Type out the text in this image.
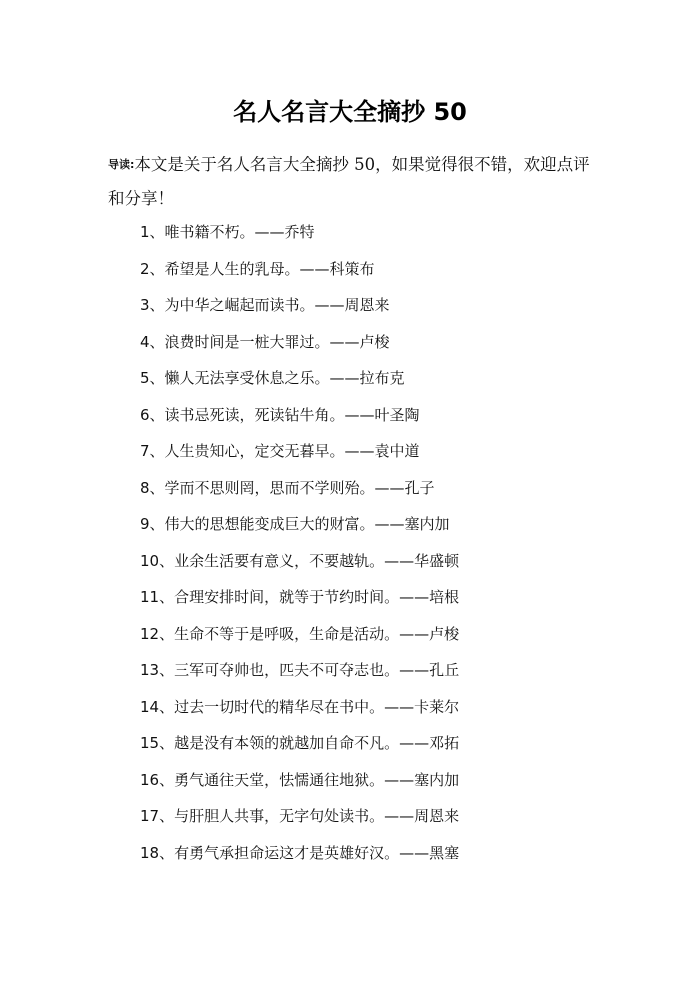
名人名言大全摘抄 50
导读:本文是关于名人名言大全摘抄 50，如果觉得很不错，欢迎点评和分享！
1、唯书籍不朽。——乔特
2、希望是人生的乳母。——科策布
3、为中华之崛起而读书。——周恩来
4、浪费时间是一桩大罪过。——卢梭
5、懒人无法享受休息之乐。——拉布克
6、读书忌死读，死读钻牛角。——叶圣陶
7、人生贵知心，定交无暮早。——袁中道
8、学而不思则罔，思而不学则殆。——孔子
9、伟大的思想能变成巨大的财富。——塞内加
10、业余生活要有意义，不要越轨。——华盛顿
11、合理安排时间，就等于节约时间。——培根
12、生命不等于是呼吸，生命是活动。——卢梭
13、三军可夺帅也，匹夫不可夺志也。——孔丘
14、过去一切时代的精华尽在书中。——卡莱尔
15、越是没有本领的就越加自命不凡。——邓拓
16、勇气通往天堂，怯懦通往地狱。——塞内加
17、与肝胆人共事，无字句处读书。——周恩来
18、有勇气承担命运这才是英雄好汉。——黑塞
